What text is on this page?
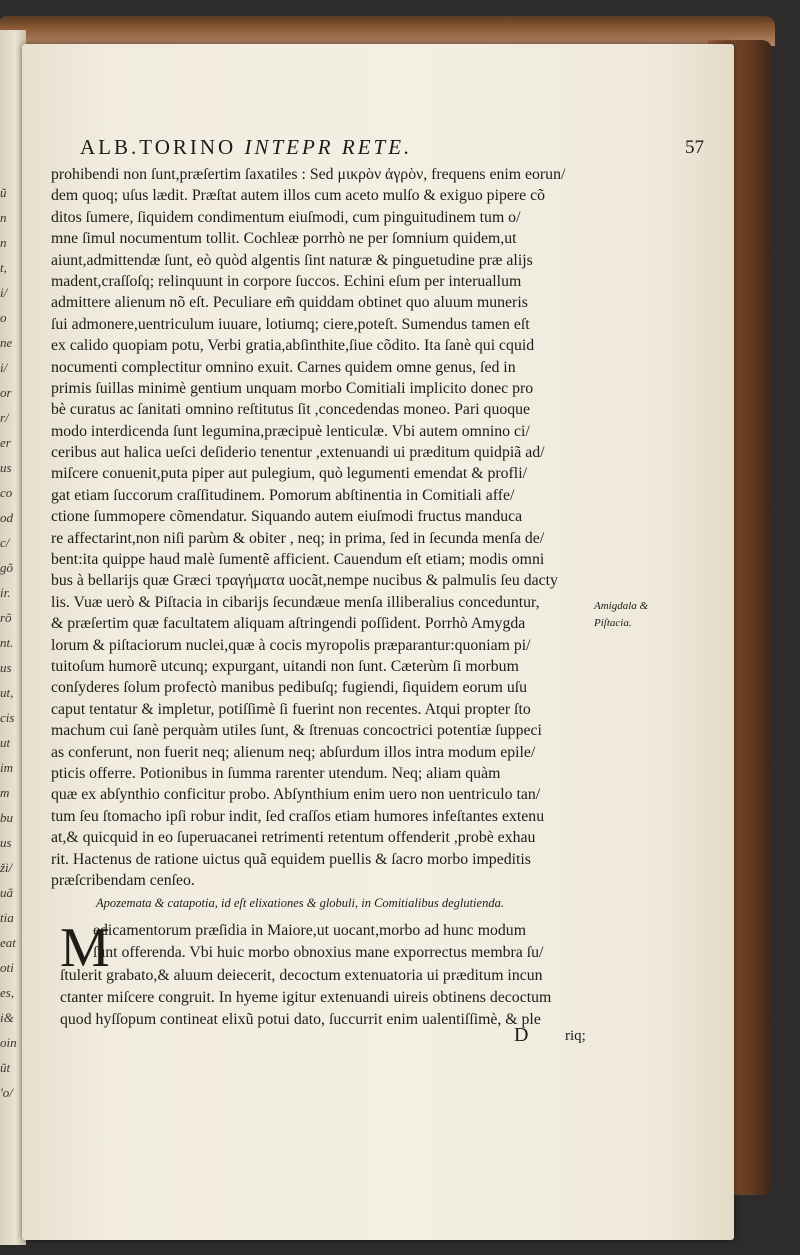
ũ
n
n
t,
i/
o
ne
i/
or
r/
er
us
co
od
c/
gõ
ir.
rõ
nt.
us
ut,
cis
ut
im
m
bu
us
ži/
uã
tia
eat
oti
es,
i&
oin
ũt
'o/
ALB.TORINO INTEPR RETE.	57
prohibendi non ſunt,præſertim ſaxatiles : Sed μικρὸν ἀγρὸν, frequens enim eorun/
dem quoq; uſus lædit. Præſtat autem illos cum aceto mulſo & exiguo pipere cõ
ditos ſumere, ſiquidem condimentum eiuſmodi, cum pinguitudinem tum o/
mne ſimul nocumentum tollit. Cochleæ porrhò ne per ſomnium quidem,ut
aiunt,admittendæ ſunt, eò quòd algentis ſint naturæ & pinguetudine præ alijs
madent,craſſoſq; relinquunt in corpore ſuccos. Echini eſum per interuallum
admittere alienum nõ eſt. Peculiare em̃ quiddam obtinet quo aluum muneris
ſui admonere,uentriculum iuuare, lotiumq; ciere,poteſt. Sumendus tamen eſt
ex calido quopiam potu, Verbi gratia,abſinthite,ſiue cõdito. Ita ſanè qui cquid
nocumenti complectitur omnino exuit. Carnes quidem omne genus, ſed in
primis ſuillas minimè gentium unquam morbo Comitiali implicito donec pro
bè curatus ac ſanitati omnino reſtitutus ſit ,concedendas moneo. Pari quoque
modo interdicenda ſunt legumina,præcipuè lenticulæ. Vbi autem omnino ci/
ceribus aut halica ueſci deſiderio tenentur ,extenuandi ui præditum quidpiã ad/
miſcere conuenit,puta piper aut pulegium, quò legumenti emendat & profli/
gat etiam ſuccorum craſſitudinem. Pomorum abſtinentia in Comitiali affe/
ctione ſummopere cõmendatur. Siquando autem eiuſmodi fructus manduca
re affectarint,non niſi parùm & obiter , neq; in prima, ſed in ſecunda menſa de/
bent:ita quippe haud malè ſumentẽ afficient. Cauendum eſt etiam; modis omni
bus à bellarijs quæ Græci τραγήματα uocãt,nempe nucibus & palmulis ſeu dacty
lis. Vuæ uerò & Piſtacia in cibarijs ſecundæue menſa illiberalius conceduntur,
& præſertim quæ facultatem aliquam aſtringendi poſſident. Porrhò Amygda
lorum & piſtaciorum nuclei,quæ à cocis myropolis præparantur:quoniam pi/
tuitoſum humorẽ utcunq; expurgant, uitandi non ſunt. Cæterùm ſi morbum
conſyderes ſolum profectò manibus pedibuſq; fugiendi, ſiquidem eorum uſu
caput tentatur & impletur, potiſſimè ſi fuerint non recentes. Atqui propter ſto
machum cui ſanè perquàm utiles ſunt, & ſtrenuas concoctrici potentiæ ſuppeci
as conferunt, non fuerit neq; alienum neq; abſurdum illos intra modum epile/
pticis offerre. Potionibus in ſumma rarenter utendum. Neq; aliam quàm
quæ ex abſynthio conficitur probo. Abſynthium enim uero non uentriculo tan/
tum ſeu ſtomacho ipſi robur indit, ſed craſſos etiam humores infeſtantes extenu
at,& quicquid in eo ſuperuacanei retrimenti retentum offenderit ,probè exhau
rit. Hactenus de ratione uictus quã equidem puellis & ſacro morbo impeditis
præſcribendam cenſeo.
Amigdala &
Piſtacia.
Apozemata & catapotia, id eſt elixationes & globuli, in Comitialibus deglutienda.
M
edicamentorum præſidia in Maiore,ut uocant,morbo ad hunc modum
ſunt offerenda. Vbi huic morbo obnoxius mane exporrectus membra ſu/
ſtulerit grabato,& aluum deiecerit, decoctum extenuatoria ui præditum incun
ctanter miſcere congruit. In hyeme igitur extenuandi uireis obtinens decoctum
quod hyſſopum contineat elixũ potui dato, ſuccurrit enim ualentiſſimè, & ple
D riq;
